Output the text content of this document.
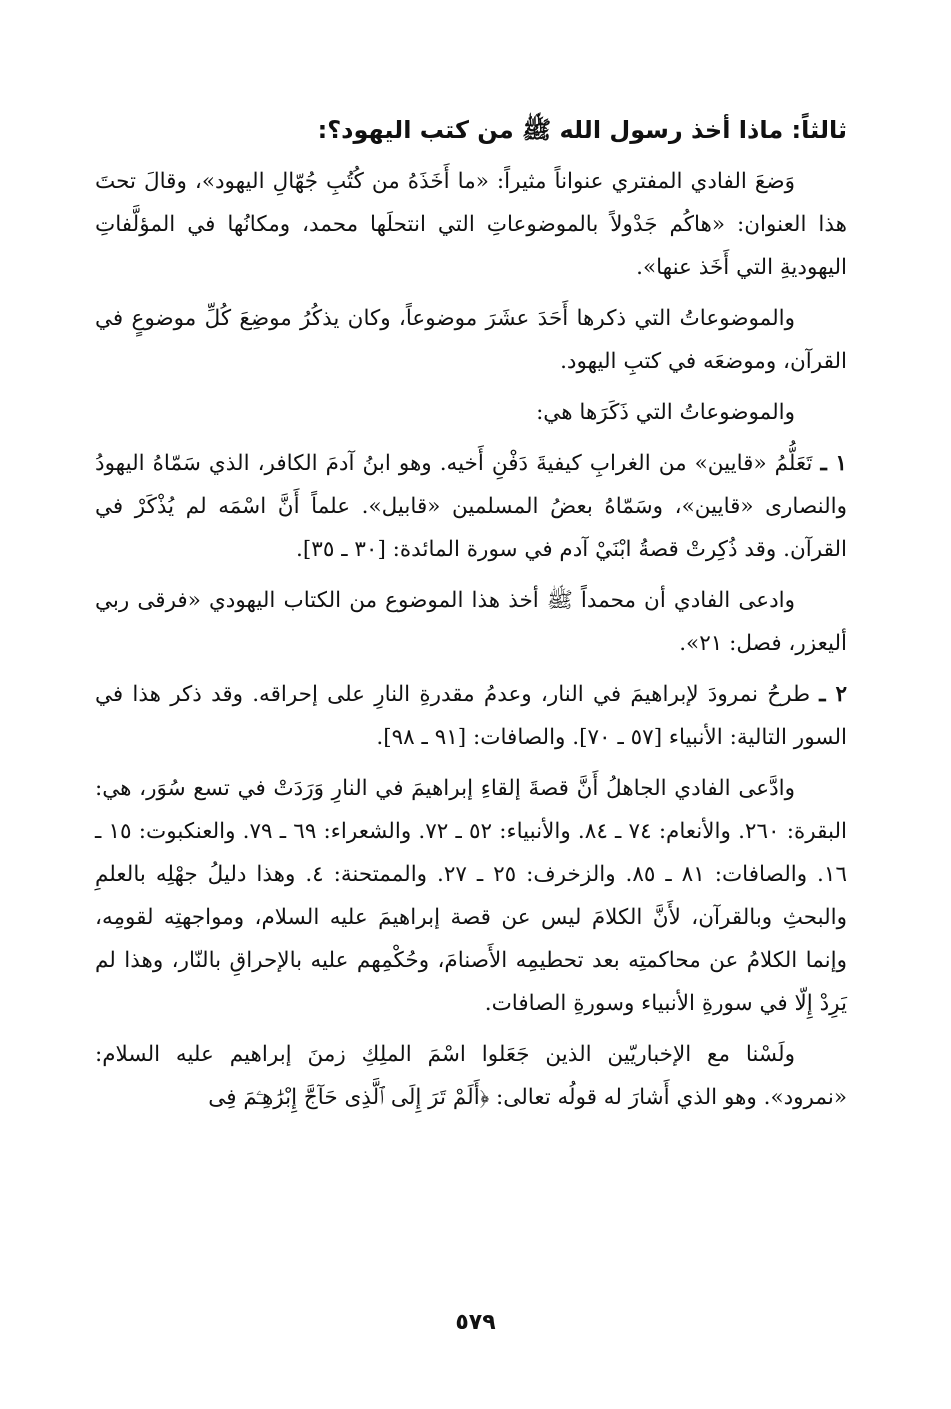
ثالثاً: ماذا أخذ رسول الله ﷺ من كتب اليهود؟:

وَضعَ الفادي المفتري عنواناً مثيراً: «ما أَخَذَهُ من كُتُبِ جُهّالِ اليهود»، وقالَ تحتَ هذا العنوان: «هاكُم جَدْولاً بالموضوعاتِ التي انتحلَها محمد، ومكانُها في المؤلَّفاتِ اليهوديةِ التي أَخَذ عنها».

والموضوعاتُ التي ذكرها أَحَدَ عشَرَ موضوعاً، وكان يذكُرُ موضِعَ كُلِّ موضوعٍ في القرآن، وموضعَه في كتبِ اليهود.

والموضوعاتُ التي ذَكَرَها هي:

١ ـ تَعَلُّمُ «قايين» من الغرابِ كيفيةَ دَفْنِ أَخيه. وهو ابنُ آدمَ الكافر، الذي سَمّاهُ اليهودُ والنصارى «قايين»، وسَمّاهُ بعضُ المسلمين «قابيل». علماً أَنَّ اسْمَه لم يُذْكَرْ في القرآن. وقد ذُكِرتْ قصةُ ابْنَيْ آدم في سورة المائدة: [٣٠ ـ ٣٥].

وادعى الفادي أن محمداً ﷺ أخذ هذا الموضوع من الكتاب اليهودي «فرقى ربي أليعزر، فصل: ٢١».

٢ ـ طرحُ نمرودَ لإبراهيمَ في النار، وعدمُ مقدرةِ النارِ على إحراقه. وقد ذكر هذا في السور التالية: الأنبياء [٥٧ ـ ٧٠]. والصافات: [٩١ ـ ٩٨].

وادَّعى الفادي الجاهلُ أَنَّ قصةَ إلقاءِ إبراهيمَ في النارِ وَرَدَتْ في تسع سُوَر، هي: البقرة: ٢٦٠. والأنعام: ٧٤ ـ ٨٤. والأنبياء: ٥٢ ـ ٧٢. والشعراء: ٦٩ ـ ٧٩. والعنكبوت: ١٥ ـ ١٦. والصافات: ٨١ ـ ٨٥. والزخرف: ٢٥ ـ ٢٧. والممتحنة: ٤. وهذا دليلُ جهْلِه بالعلمِ والبحثِ وبالقرآن، لأَنَّ الكلامَ ليس عن قصة إبراهيمَ عليه السلام، ومواجهتِه لقومِه، وإنما الكلامُ عن محاكمتِه بعد تحطيمِه الأَصنامَ، وحُكْمِهم عليه بالإحراقِ بالنّار، وهذا لم يَرِدْ إِلّا في سورةِ الأنبياء وسورةِ الصافات.

ولَسْنا مع الإخباريّين الذين جَعَلوا اسْمَ الملِكِ زمنَ إبراهيم عليه السلام: «نمرود». وهو الذي أَشارَ له قولُه تعالى: ﴿أَلَمْ تَرَ إِلَى ٱلَّذِى حَآجَّ إِبْرَٰهِـۧمَ فِى

٥٧٩
